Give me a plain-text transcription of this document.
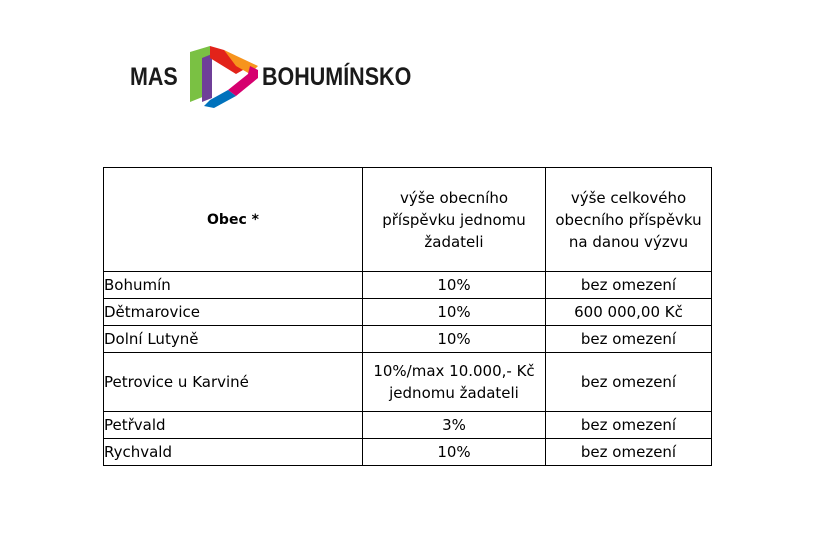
MAS	BOHUMÍNSKO
Obec *	výše obecního příspěvku jednomu žadateli	výše celkového obecního příspěvku na danou výzvu

Bohumín	10%	bez omezení
Dětmarovice	10%	600 000,00 Kč
Dolní Lutyně	10%	bez omezení
Petrovice u Karviné	10%/max 10.000,- Kč jednomu žadateli	bez omezení
Petřvald	3%	bez omezení
Rychvald	10%	bez omezení
